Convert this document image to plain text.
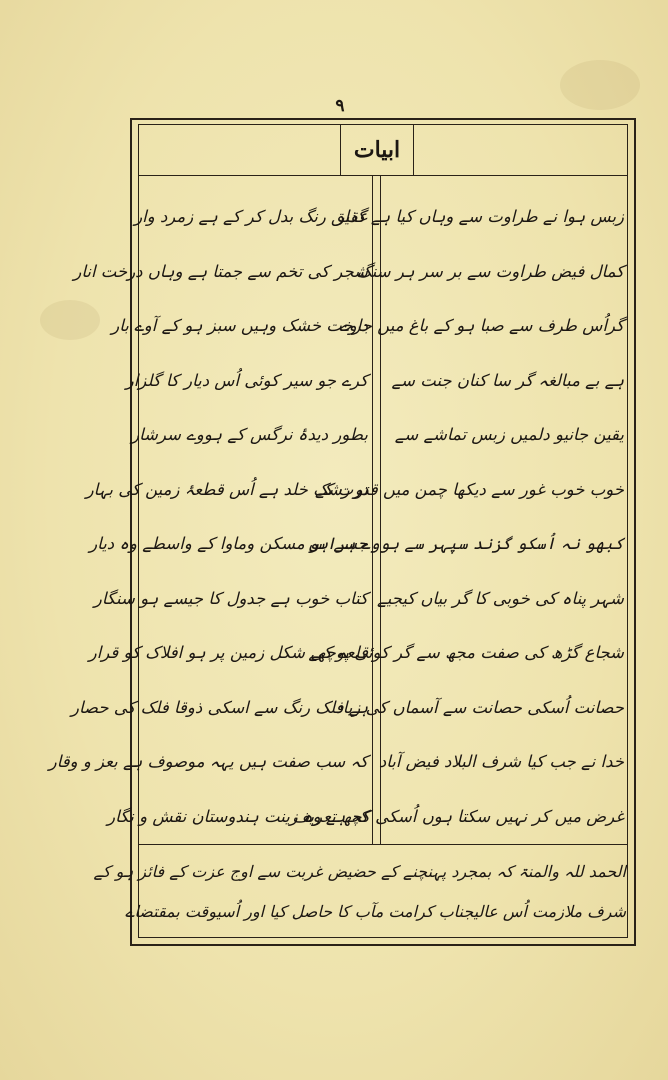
۹
ابیات
زبس ہوا نے طراوت سے وہاں کیا ہے گذار
کمال فیض طراوت سے بر سر ہر سنگ
گراُس طرف سے صبا ہو کے باغ میں جاوے
ہے بے مبالغہ گر سا کنان جنت سے
یقین جانیو دلمیں زبس تماشے سے
خوب خوب غور سے دیکھا چمن میں قدرت کے
کبھو نہ اُسکو گزند سپہر سے ہووے ہراس
شہر پناہ کی خوبی کا گر بیاں کیجیے
شجاع گڑھ کی صفت مجھ سے گر کوئی پوچھے
حصانت اُسکی حصانت سے آسماں کی زیاد
خدا نے جب کیا شرف البلاد فیض آباد
غرض میں کر نہیں سکتا ہوں اُسکی کچھ تعریف
عقیق رنگ بدل کر کے ہے زمرد وار
شجر کی تخم سے جمتا ہے وہاں درخت انار
درخت خشک وہیں سبز ہو کے آوے بار
کرے جو سیر کوئی اُس دیار کا گلزار
بطور دیدۂ نرگس کے ہووے سرشار
تو رشک خلد ہے اُس قطعۂ زمین کی بہار
جسے ہو مسکن وماوا کے واسطے وہ دیار
کتاب خوب ہے جدول کا جیسے ہو سنگار
قلعہ کی شکل زمین پر ہو افلاک کو قرار
ہے فلک رنگ سے اسکی ذوقا فلک کی حصار
کہ سب صفت ہیں یہہ موصوف ہے بعز و وقار
کہ ہے وہ زینت ہندوستان نقش و نگار
الحمد للہ والمنۃ کہ بمجرد پہنچنے کے حضیض غربت سے اوج عزت کے فائز ہو کے
شرف ملازمت اُس عالیجناب کرامت مآب کا حاصل کیا اور اُسیوقت بمقتضاے
